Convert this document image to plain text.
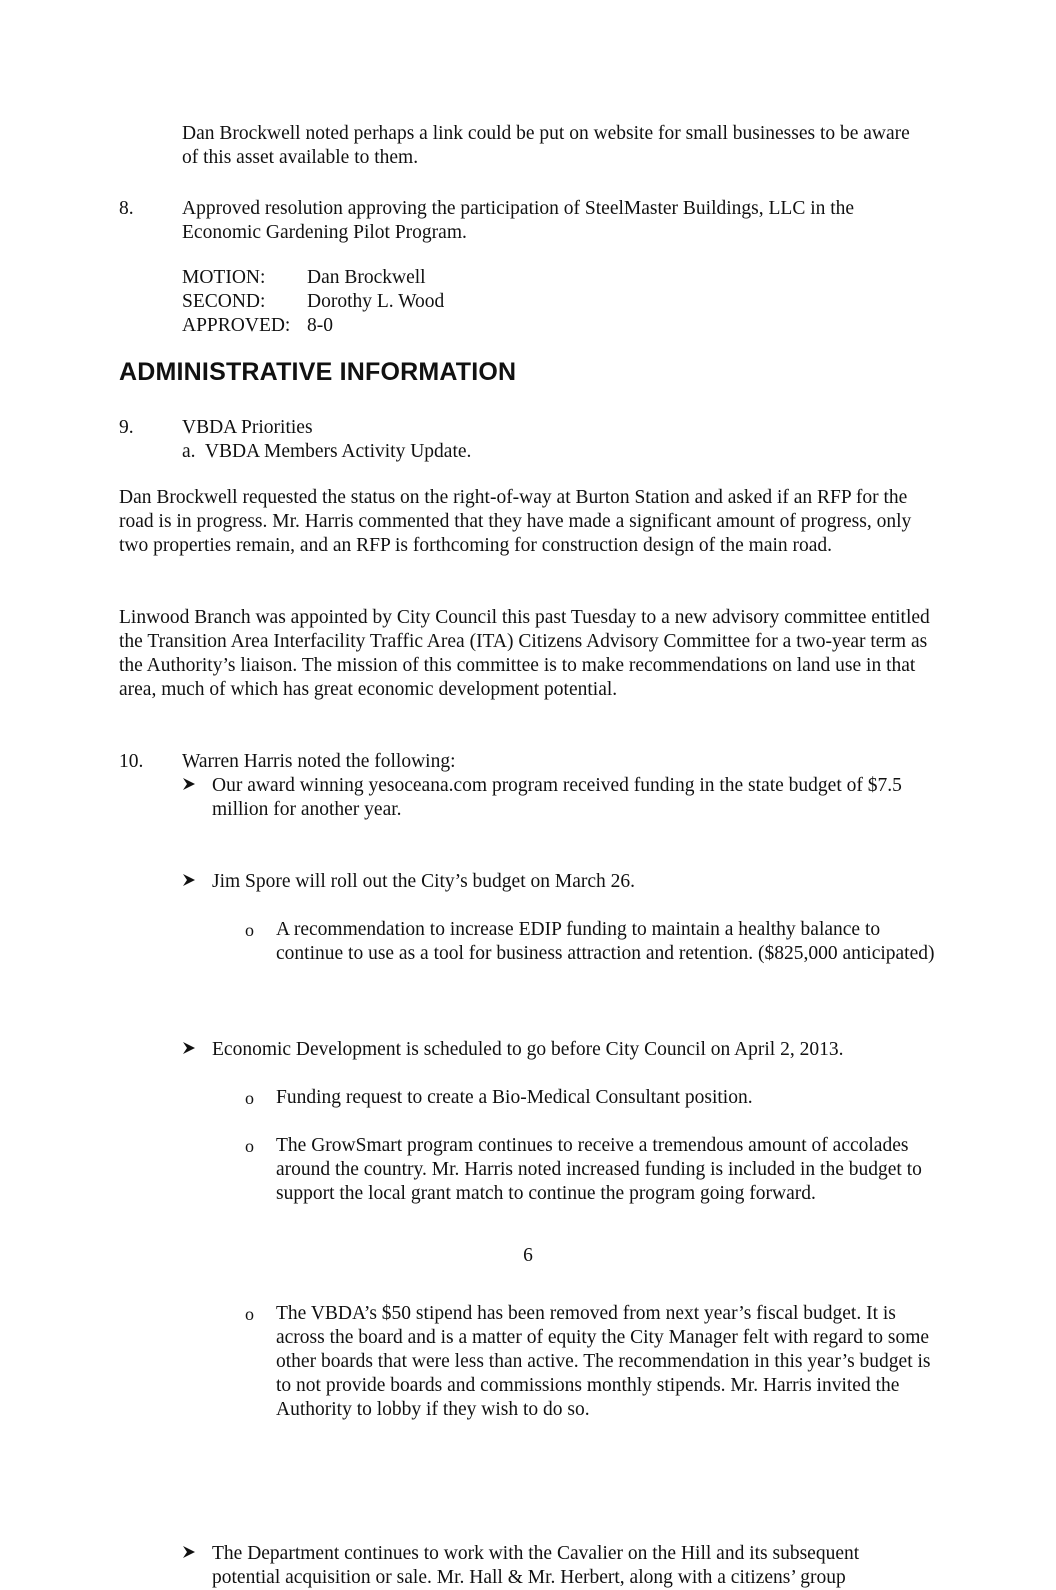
Dan Brockwell noted perhaps a link could be put on website for small businesses to be aware of this asset available to them.

8. Approved resolution approving the participation of SteelMaster Buildings, LLC in the Economic Gardening Pilot Program.

MOTION: Dan Brockwell
SECOND: Dorothy L. Wood
APPROVED: 8-0
ADMINISTRATIVE INFORMATION
9. VBDA Priorities
a.  VBDA Members Activity Update.

Dan Brockwell requested the status on the right-of-way at Burton Station and asked if an RFP for the road is in progress. Mr. Harris commented that they have made a significant amount of progress, only two properties remain, and an RFP is forthcoming for construction design of the main road.

Linwood Branch was appointed by City Council this past Tuesday to a new advisory committee entitled the Transition Area Interfacility Traffic Area (ITA) Citizens Advisory Committee for a two-year term as the Authority’s liaison. The mission of this committee is to make recommendations on land use in that area, much of which has great economic development potential.

10. Warren Harris noted the following:

Our award winning yesoceana.com program received funding in the state budget of $7.5 million for another year.

Jim Spore will roll out the City’s budget on March 26.

o A recommendation to increase EDIP funding to maintain a healthy balance to continue to use as a tool for business attraction and retention. ($825,000 anticipated)

Economic Development is scheduled to go before City Council on April 2, 2013.

o Funding request to create a Bio-Medical Consultant position.

o The GrowSmart program continues to receive a tremendous amount of accolades around the country. Mr. Harris noted increased funding is included in the budget to support the local grant match to continue the program going forward.

o The VBDA’s $50 stipend has been removed from next year’s fiscal budget. It is across the board and is a matter of equity the City Manager felt with regard to some other boards that were less than active. The recommendation in this year’s budget is to not provide boards and commissions monthly stipends. Mr. Harris invited the Authority to lobby if they wish to do so.

The Department continues to work with the Cavalier on the Hill and its subsequent potential acquisition or sale. Mr. Hall & Mr. Herbert, along with a citizens’ group

6
